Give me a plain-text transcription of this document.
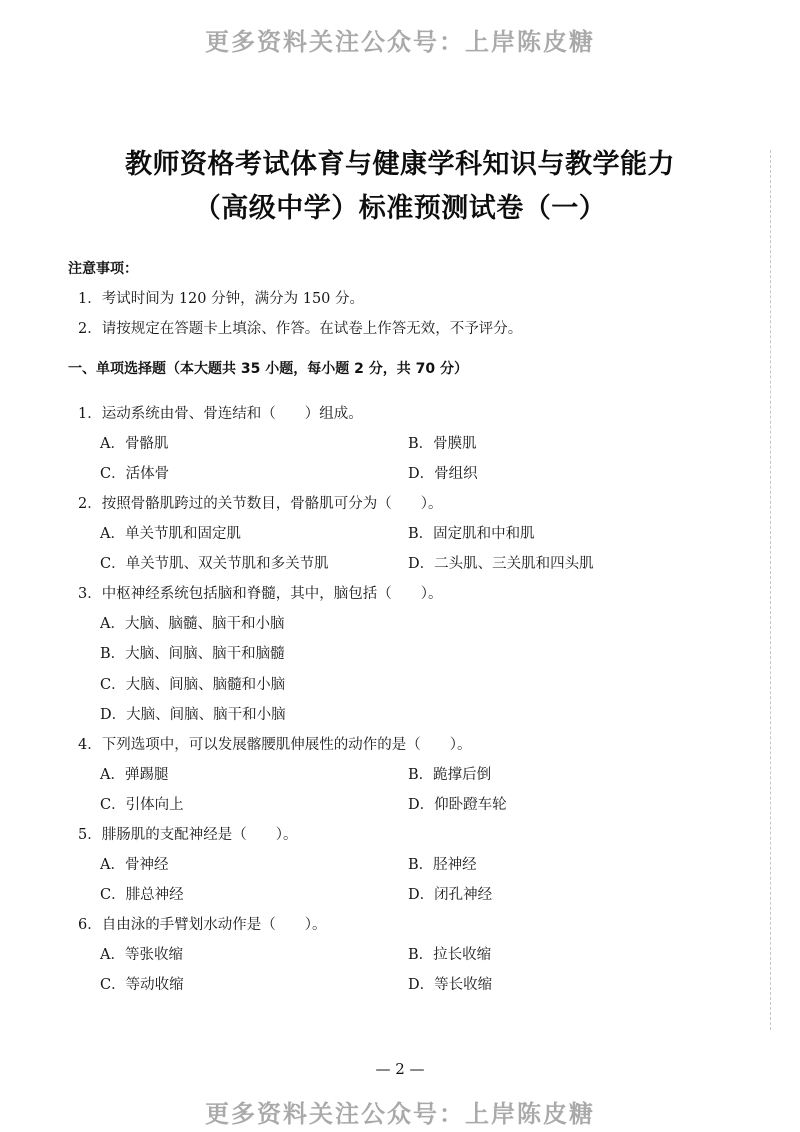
更多资料关注公众号：上岸陈皮糖
教师资格考试体育与健康学科知识与教学能力
（高级中学）标准预测试卷（一）
注意事项：
1．考试时间为 120 分钟，满分为 150 分。
2．请按规定在答题卡上填涂、作答。在试卷上作答无效，不予评分。
一、单项选择题（本大题共 35 小题，每小题 2 分，共 70 分）
1．运动系统由骨、骨连结和（　　）组成。
A．骨骼肌	B．骨膜肌
C．活体骨	D．骨组织
2．按照骨骼肌跨过的关节数目，骨骼肌可分为（　　）。
A．单关节肌和固定肌	B．固定肌和中和肌
C．单关节肌、双关节肌和多关节肌	D．二头肌、三关肌和四头肌
3．中枢神经系统包括脑和脊髓，其中，脑包括（　　）。
A．大脑、脑髓、脑干和小脑
B．大脑、间脑、脑干和脑髓
C．大脑、间脑、脑髓和小脑
D．大脑、间脑、脑干和小脑
4．下列选项中，可以发展髂腰肌伸展性的动作的是（　　）。
A．弹踢腿	B．跪撑后倒
C．引体向上	D．仰卧蹬车轮
5．腓肠肌的支配神经是（　　）。
A．骨神经	B．胫神经
C．腓总神经	D．闭孔神经
6．自由泳的手臂划水动作是（　　）。
A．等张收缩	B．拉长收缩
C．等动收缩	D．等长收缩
— 2 —
更多资料关注公众号：上岸陈皮糖
